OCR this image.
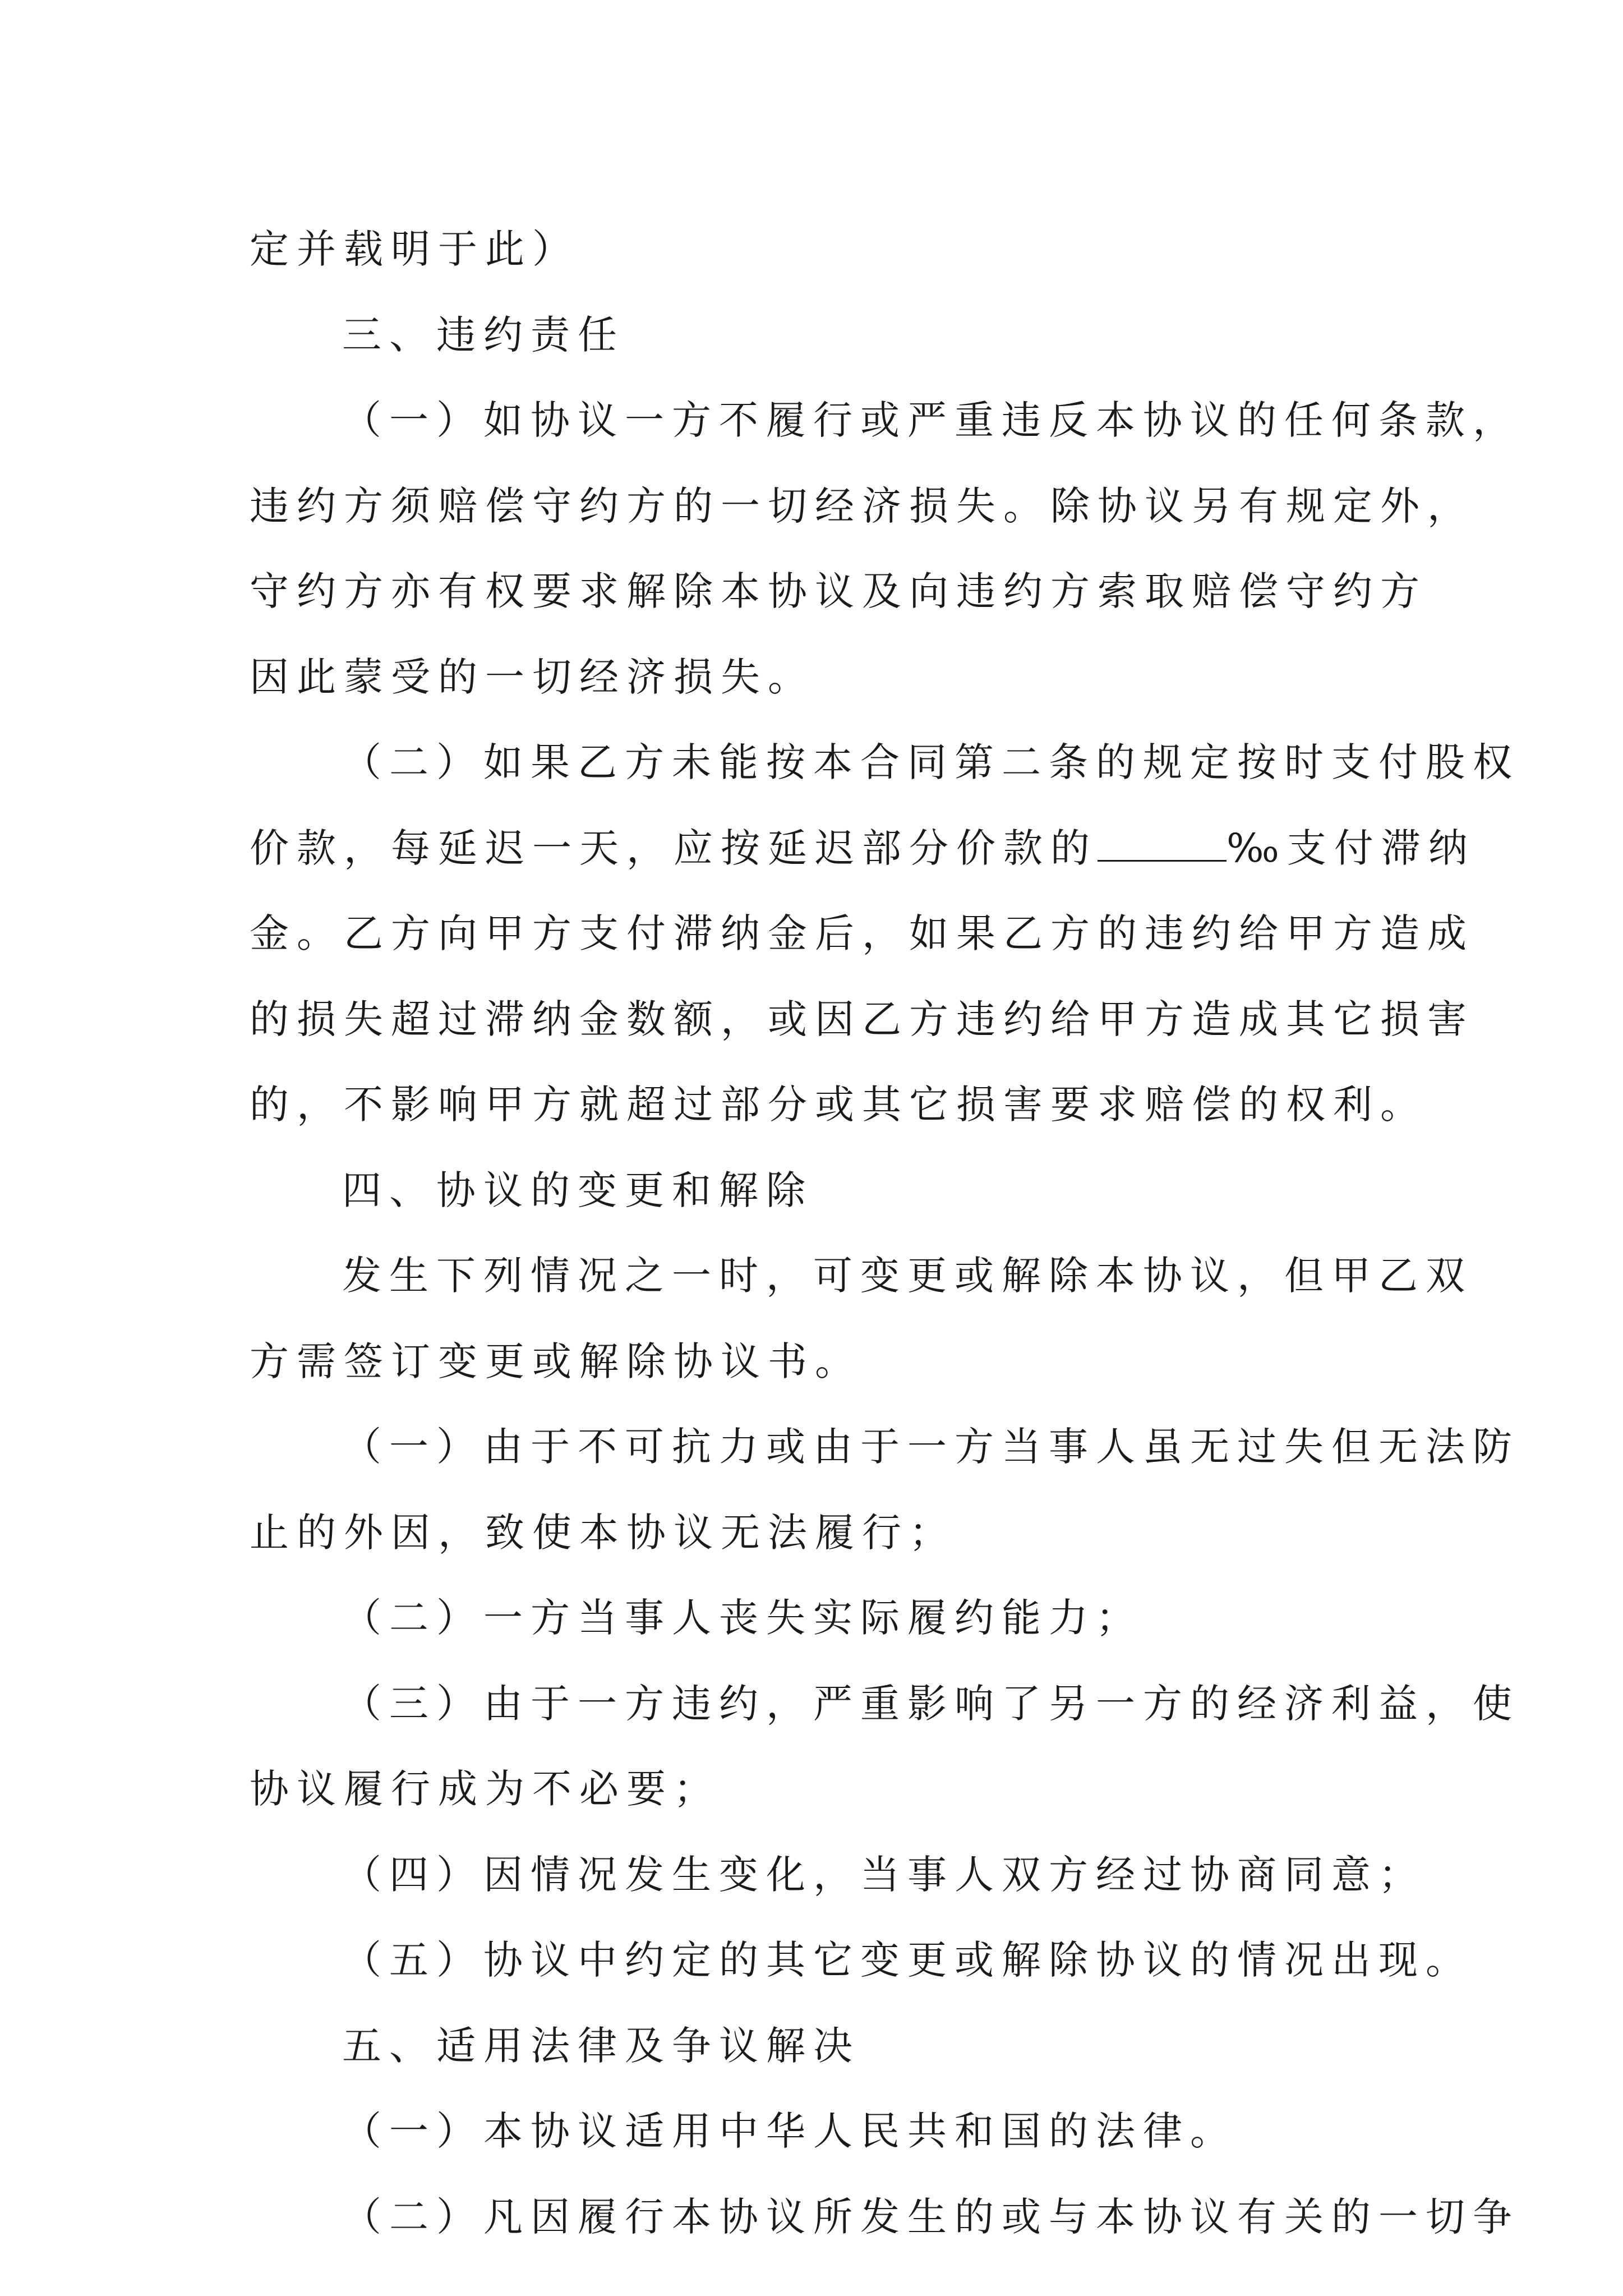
定并载明于此）
三、违约责任
（一）如协议一方不履行或严重违反本协议的任何条款，
违约方须赔偿守约方的一切经济损失。除协议另有规定外，
守约方亦有权要求解除本协议及向违约方索取赔偿守约方
因此蒙受的一切经济损失。
（二）如果乙方未能按本合同第二条的规定按时支付股权
价款，每延迟一天，应按延迟部分价款的	‰支付滞纳
金。乙方向甲方支付滞纳金后，如果乙方的违约给甲方造成
的损失超过滞纳金数额，或因乙方违约给甲方造成其它损害
的，不影响甲方就超过部分或其它损害要求赔偿的权利。
四、协议的变更和解除
发生下列情况之一时，可变更或解除本协议，但甲乙双
方需签订变更或解除协议书。
（一）由于不可抗力或由于一方当事人虽无过失但无法防
止的外因，致使本协议无法履行；
（二）一方当事人丧失实际履约能力；
（三）由于一方违约，严重影响了另一方的经济利益，使
协议履行成为不必要；
（四）因情况发生变化，当事人双方经过协商同意；
（五）协议中约定的其它变更或解除协议的情况出现。
五、适用法律及争议解决
（一）本协议适用中华人民共和国的法律。
（二）凡因履行本协议所发生的或与本协议有关的一切争
